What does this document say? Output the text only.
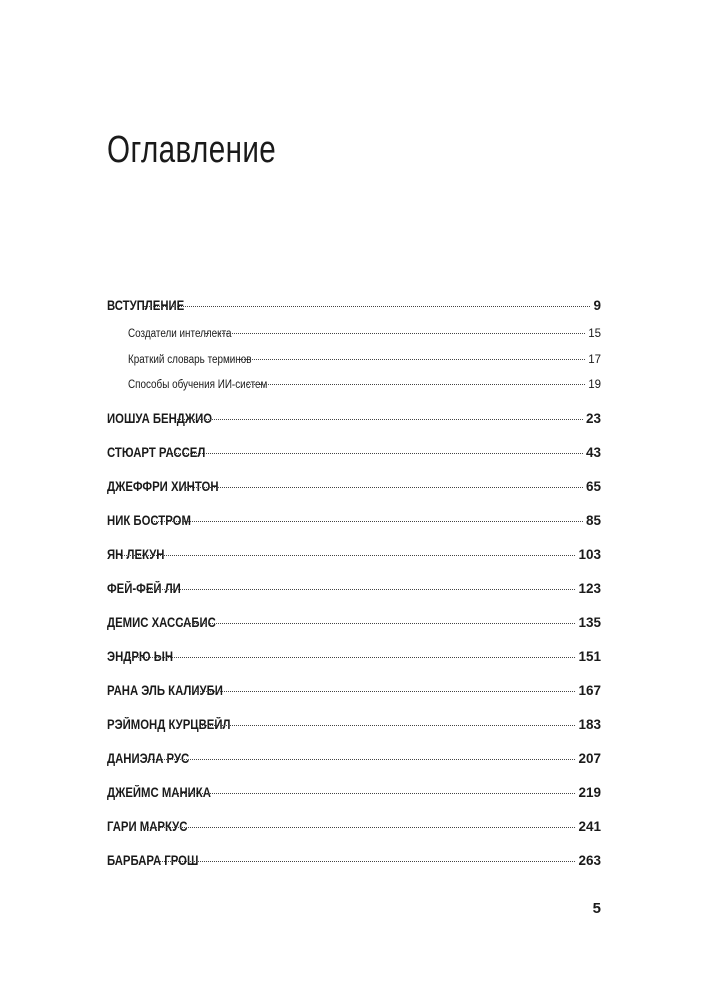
Оглавление
ВСТУПЛЕНИЕ	9
Создатели интеллекта	15
Краткий словарь терминов	17
Способы обучения ИИ-систем	19
ИОШУА БЕНДЖИО	23
СТЮАРТ РАССЕЛ	43
ДЖЕФФРИ ХИНТОН	65
НИК БОСТРОМ	85
ЯН ЛЕКУН	103
ФЕЙ-ФЕЙ ЛИ	123
ДЕМИС ХАССАБИС	135
ЭНДРЮ ЫН	151
РАНА ЭЛЬ КАЛИУБИ	167
РЭЙМОНД КУРЦВЕЙЛ	183
ДАНИЭЛА РУС	207
ДЖЕЙМС МАНИКА	219
ГАРИ МАРКУС	241
БАРБАРА ГРОШ	263
5
